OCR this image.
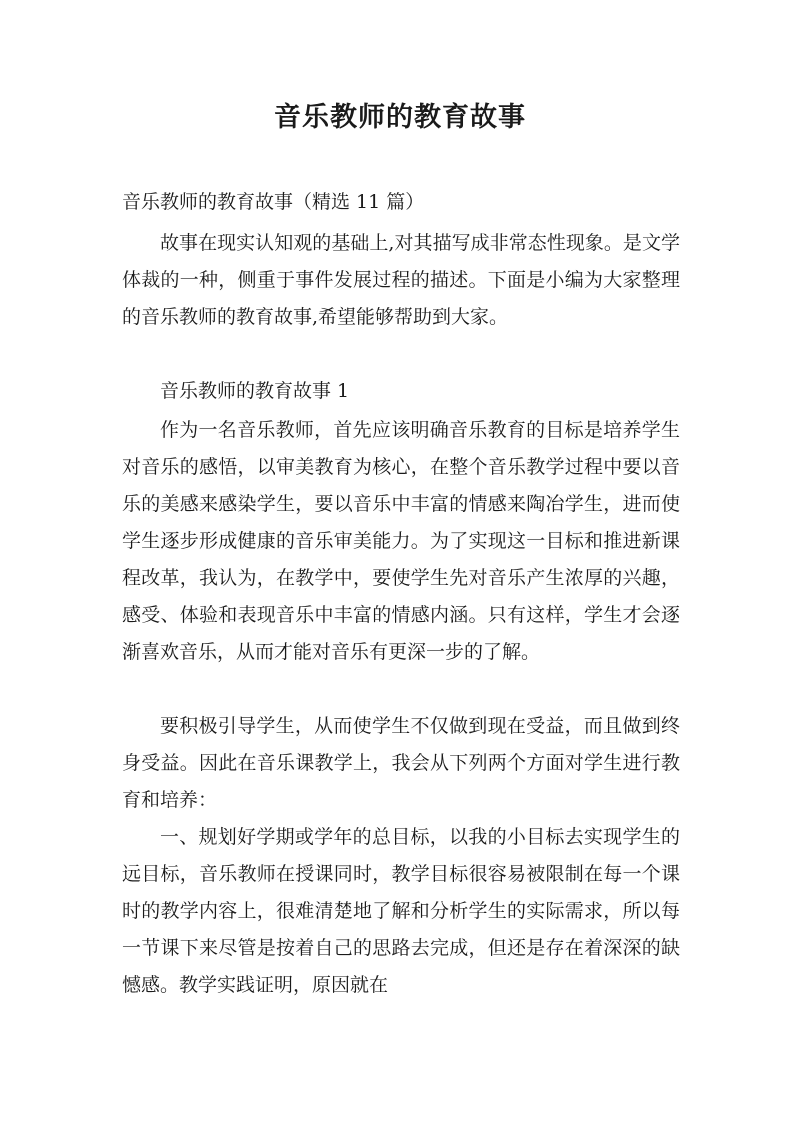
音乐教师的教育故事

音乐教师的教育故事（精选 11 篇）

故事在现实认知观的基础上,对其描写成非常态性现象。是文学体裁的一种，侧重于事件发展过程的描述。下面是小编为大家整理的音乐教师的教育故事,希望能够帮助到大家。

音乐教师的教育故事 1

作为一名音乐教师，首先应该明确音乐教育的目标是培养学生对音乐的感悟，以审美教育为核心，在整个音乐教学过程中要以音乐的美感来感染学生，要以音乐中丰富的情感来陶冶学生，进而使学生逐步形成健康的音乐审美能力。为了实现这一目标和推进新课程改革，我认为，在教学中，要使学生先对音乐产生浓厚的兴趣，感受、体验和表现音乐中丰富的情感内涵。只有这样，学生才会逐渐喜欢音乐，从而才能对音乐有更深一步的了解。

要积极引导学生，从而使学生不仅做到现在受益，而且做到终身受益。因此在音乐课教学上，我会从下列两个方面对学生进行教育和培养：

一、规划好学期或学年的总目标，以我的小目标去实现学生的远目标，音乐教师在授课同时，教学目标很容易被限制在每一个课时的教学内容上，很难清楚地了解和分析学生的实际需求，所以每一节课下来尽管是按着自己的思路去完成，但还是存在着深深的缺憾感。教学实践证明，原因就在
